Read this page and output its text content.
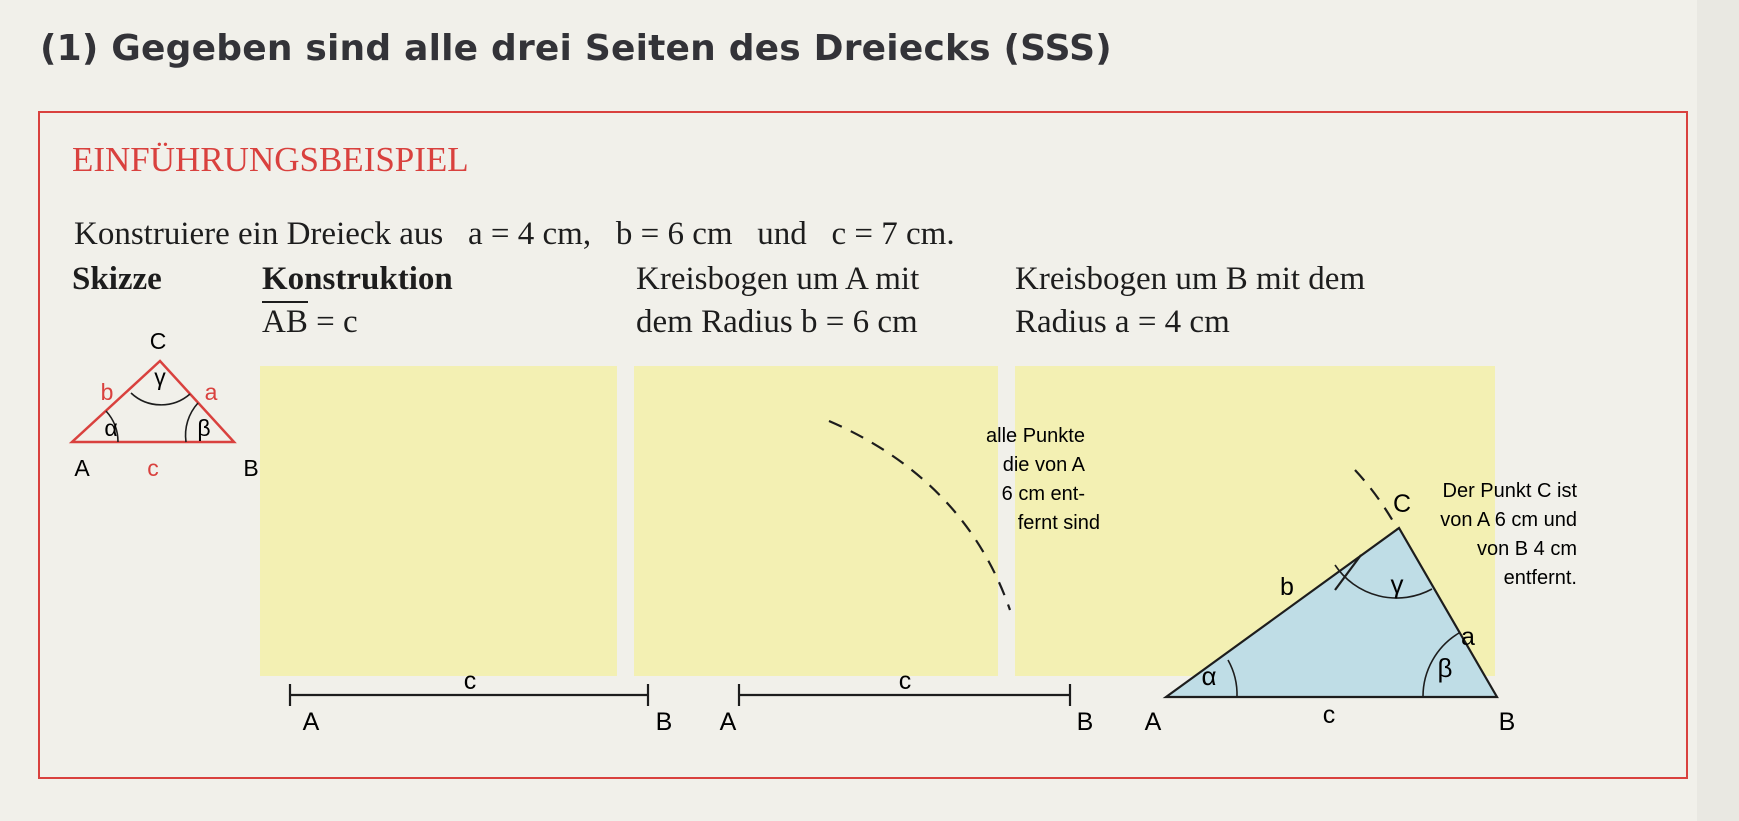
(1) Gegeben sind alle drei Seiten des Dreiecks (SSS)
EINFÜHRUNGSBEISPIEL
Konstruiere ein Dreieck aus   a = 4 cm,   b = 6 cm   und   c = 7 cm.
Skizze	Konstruktion
AB = c
Kreisbogen um A mit
dem Radius b = 6 cm
Kreisbogen um B mit dem
Radius a = 4 cm
γ
α	β
C
b	a
c
A	B
c
A	B
c
A	B
alle Punkte
die von A
6 cm ent-
fernt sind
α	β
γ
b
a
c
A	B
C Der Punkt C ist
von A 6 cm und
von B 4 cm
entfernt.
